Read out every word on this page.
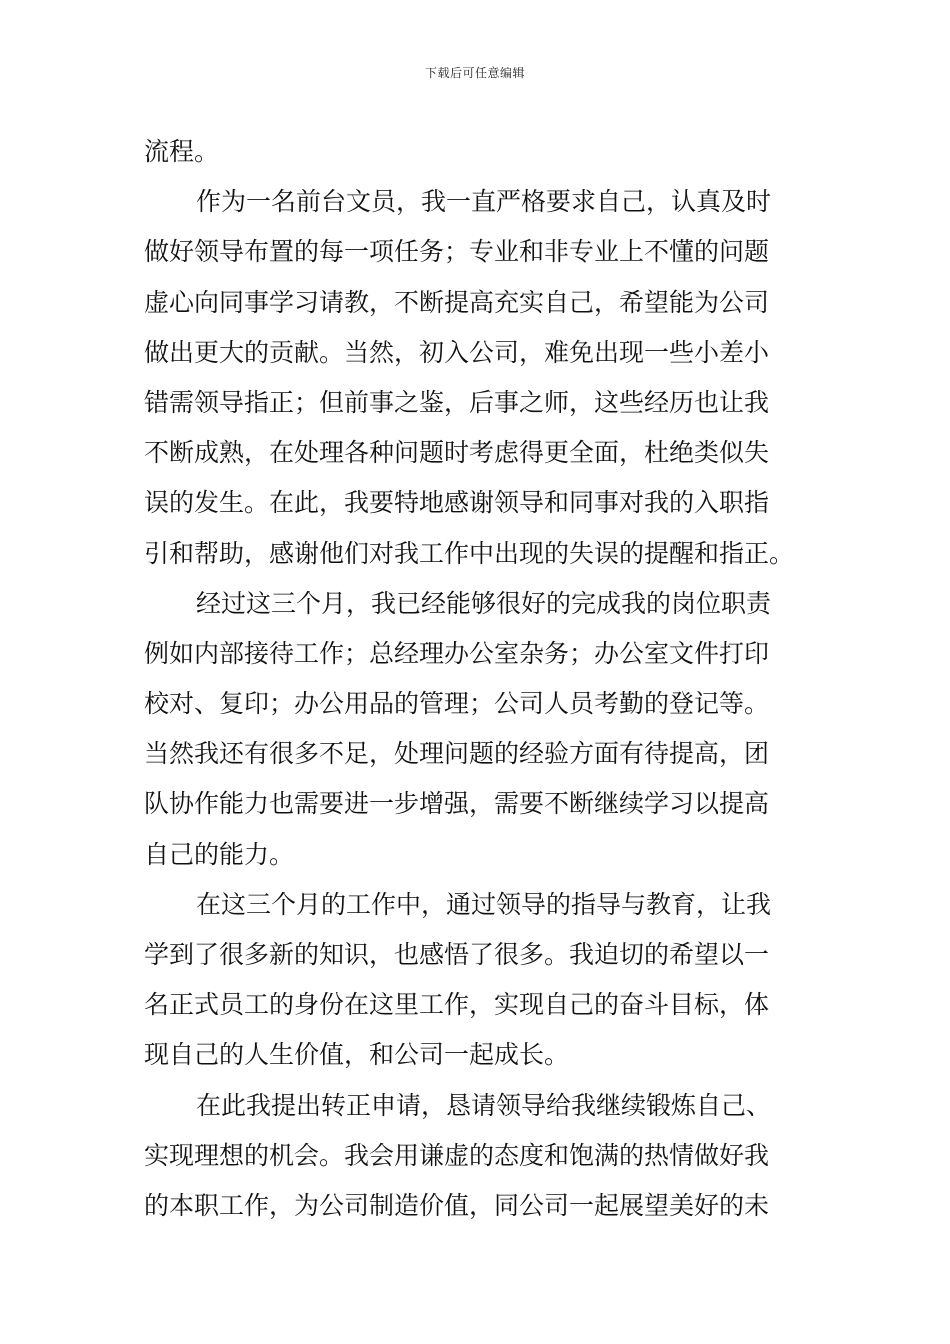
下载后可任意编辑
流程。
作为一名前台文员，我一直严格要求自己，认真及时
做好领导布置的每一项任务；专业和非专业上不懂的问题
虚心向同事学习请教，不断提高充实自己，希望能为公司
做出更大的贡献。当然，初入公司，难免出现一些小差小
错需领导指正；但前事之鉴，后事之师，这些经历也让我
不断成熟，在处理各种问题时考虑得更全面，杜绝类似失
误的发生。在此，我要特地感谢领导和同事对我的入职指
引和帮助，感谢他们对我工作中出现的失误的提醒和指正。
经过这三个月，我已经能够很好的完成我的岗位职责
例如内部接待工作；总经理办公室杂务；办公室文件打印
校对、复印；办公用品的管理；公司人员考勤的登记等。
当然我还有很多不足，处理问题的经验方面有待提高，团
队协作能力也需要进一步增强，需要不断继续学习以提高
自己的能力。
在这三个月的工作中，通过领导的指导与教育，让我
学到了很多新的知识，也感悟了很多。我迫切的希望以一
名正式员工的身份在这里工作，实现自己的奋斗目标，体
现自己的人生价值，和公司一起成长。
在此我提出转正申请，恳请领导给我继续锻炼自己、
实现理想的机会。我会用谦虚的态度和饱满的热情做好我
的本职工作，为公司制造价值，同公司一起展望美好的未
